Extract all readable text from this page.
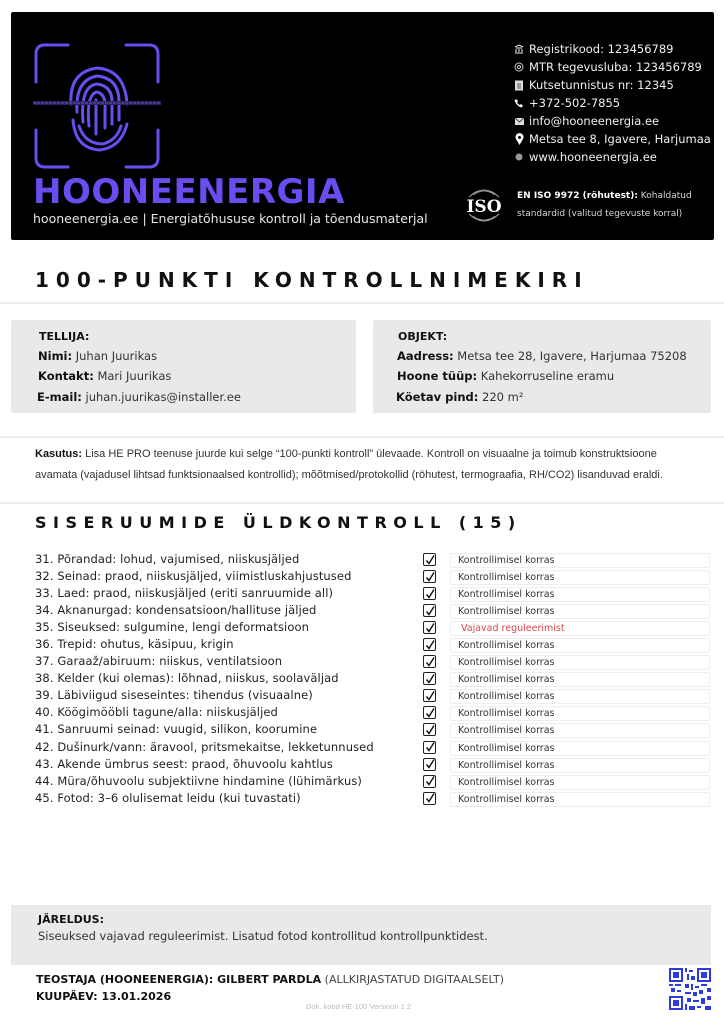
HOONEENERGIA
hooneenergia.ee | Energiatõhususe kontroll ja tõendusmaterjal
Registrikood: 123456789
MTR tegevusluba: 123456789
Kutsetunnistus nr: 12345
+372-502-7855
info@hooneenergia.ee
Metsa tee 8, Igavere, Harjumaa
www.hooneenergia.ee
ISO
EN ISO 9972 (röhutest): Kohaldatud
standardid (valitud tegevuste korral)
100-PUNKTI KONTROLLNIMEKIRI
TELLIJA:
Nimi: Juhan Juurikas
Kontakt: Mari Juurikas
E-mail: juhan.juurikas@installer.ee
OBJEKT:
Aadress: Metsa tee 28, Igavere, Harjumaa 75208
Hoone tüüp: Kahekorruseline eramu
Köetav pind: 220 m²
Kasutus: Lisa HE PRO teenuse juurde kui selge “100-punkti kontroll” ülevaade. Kontroll on visuaalne ja toimub konstruktsioone avamata (vajadusel lihtsad funktsionaalsed kontrollid); mõõtmised/protokollid (röhutest, termograafia, RH/CO2) lisanduvad eraldi.
SISERUUMIDE ÜLDKONTROLL (15)
31. Põrandad: lohud, vajumised, niiskusjäljed	Kontrollimisel korras
32. Seinad: praod, niiskusjäljed, viimistluskahjustused	Kontrollimisel korras
33. Laed: praod, niiskusjäljed (eriti sanruumide all)	Kontrollimisel korras
34. Aknanurgad: kondensatsioon/hallituse jäljed	Kontrollimisel korras
35. Siseuksed: sulgumine, lengi deformatsioon	Vajavad reguleerimist
36. Trepid: ohutus, käsipuu, krigin	Kontrollimisel korras
37. Garaaž/abiruum: niiskus, ventilatsioon	Kontrollimisel korras
38. Kelder (kui olemas): lõhnad, niiskus, soolaväljad	Kontrollimisel korras
39. Läbiviigud siseseintes: tihendus (visuaalne)	Kontrollimisel korras
40. Köögimööbli tagune/alla: niiskusjäljed	Kontrollimisel korras
41. Sanruumi seinad: vuugid, silikon, koorumine	Kontrollimisel korras
42. Dušinurk/vann: äravool, pritsmekaitse, lekketunnused	Kontrollimisel korras
43. Akende ümbrus seest: praod, õhuvoolu kahtlus	Kontrollimisel korras
44. Müra/õhuvoolu subjektiivne hindamine (lühimärkus)	Kontrollimisel korras
45. Fotod: 3–6 olulisemat leidu (kui tuvastati)	Kontrollimisel korras
JÄRELDUS:
Siseuksed vajavad reguleerimist. Lisatud fotod kontrollitud kontrollpunktidest.
TEOSTAJA (HOONEENERGIA): GILBERT PARDLA (ALLKIRJASTATUD DIGITAALSELT)
KUUPÄEV: 13.01.2026
Dok. kood HE-100 Versioon 1.2
